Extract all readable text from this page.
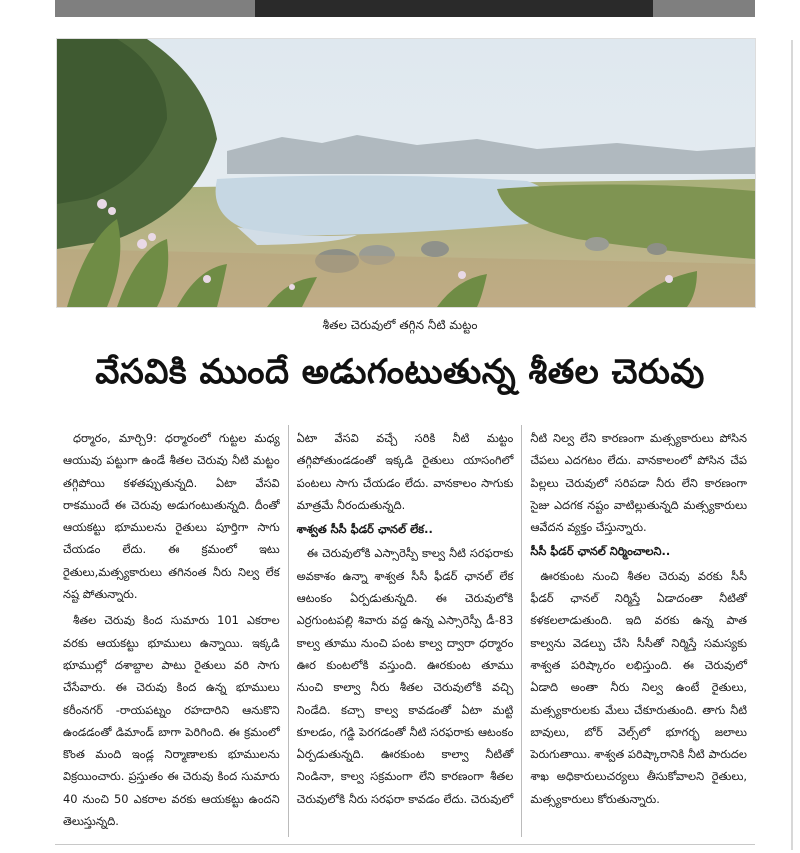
శీతల చెరువులో తగ్గిన నీటి మట్టం
వేసవికి ముందే అడుగంటుతున్న శీతల చెరువు

ధర్మారం, మార్చి9: ధర్మారంలో గుట్టల మధ్య ఆయువు పట్టుగా ఉండే శీతల చెరువు నీటి మట్టం తగ్గిపోయి కళతప్పుతున్నది. ఏటా వేసవి రాకముందే ఈ చెరువు అడుగంటుతున్నది. దీంతో ఆయకట్టు భూములను రైతులు పూర్తిగా సాగు చేయడం లేదు. ఈ క్రమంలో ఇటు రైతులు,మత్స్యకారులు తగినంత నీరు నిల్వ లేక నష్ట పోతున్నారు.

శీతల చెరువు కింద సుమారు 101 ఎకరాల వరకు ఆయకట్టు భూములు ఉన్నాయి. ఇక్కడి భూముల్లో దశాబ్దాల పాటు రైతులు వరి సాగు చేసేవారు. ఈ చెరువు కింద ఉన్న భూములు కరీంనగర్ -రాయపట్నం రహదారిని ఆనుకొని ఉండడంతో డిమాండ్ బాగా పెరిగింది. ఈ క్రమంలో కొంత మంది ఇండ్ల నిర్మాణాలకు భూములను విక్రయించారు. ప్రస్తుతం ఈ చెరువు కింద సుమారు 40 నుంచి 50 ఎకరాల వరకు ఆయకట్టు ఉందని తెలుస్తున్నది.

ఏటా వేసవి వచ్చే సరికి నీటి మట్టం తగ్గిపోతుండడంతో ఇక్కడి రైతులు యాసంగిలో పంటలు సాగు చేయడం లేదు. వానకాలం సాగుకు మాత్రమే నీరందుతున్నది.

శాశ్వత సీసీ ఫీడర్ ఛానల్ లేక..

ఈ చెరువులోకి ఎస్సారెస్పీ కాల్వ నీటి సరఫరాకు అవకాశం ఉన్నా శాశ్వత సీసీ ఫీడర్ ఛానల్ లేక ఆటంకం ఏర్పడుతున్నది. ఈ చెరువులోకి ఎర్రగుంటపల్లి శివారు వద్ద ఉన్న ఎస్సారెస్పీ డీ-83 కాల్వ తూము నుంచి పంట కాల్వ ద్వారా ధర్మారం ఊర కుంటలోకి వస్తుంది. ఊరకుంట తూము నుంచి కాల్వా నీరు శీతల చెరువులోకి వచ్చి నిండేది. కచ్చా కాల్వ కావడంతో ఏటా మట్టి కూలడం, గడ్డి పెరగడంతో నీటి సరఫరాకు ఆటంకం ఏర్పడుతున్నది. ఊరకుంట కాల్వా నీటితో నిండినా, కాల్వ సక్రమంగా లేని కారణంగా శీతల చెరువులోకి నీరు సరఫరా కావడం లేదు. చెరువులో

నీటి నిల్వ లేని కారణంగా మత్స్యకారులు పోసిన చేపలు ఎదగటం లేదు. వానకాలంలో పోసిన చేప పిల్లలు చెరువులో సరిపడా నీరు లేని కారణంగా సైజు ఎదగక నష్టం వాటిల్లుతున్నది మత్స్యకారులు ఆవేదన వ్యక్తం చేస్తున్నారు.

సీసీ ఫీడర్ ఛానల్ నిర్మించాలని..

ఊరకుంట నుంచి శీతల చెరువు వరకు సీసీ ఫీడర్ ఛానల్ నిర్మిస్తే ఏడాదంతా నీటితో కళకలలాడుతుంది. ఇది వరకు ఉన్న పాత కాల్వను వెడల్పు చేసి సీసీతో నిర్మిస్తే సమస్యకు శాశ్వత పరిష్కారం లభిస్తుంది. ఈ చెరువులో ఏడాది అంతా నీరు నిల్వ ఉంటే రైతులు, మత్స్యకారులకు మేలు చేకూరుతుంది. తాగు నీటి బావులు, బోర్ వెల్స్‌లో భూగర్భ జలాలు పెరుగుతాయి. శాశ్వత పరిష్కారానికి నీటి పారుదల శాఖ అధికారులుచర్యలు తీసుకోవాలని రైతులు, మత్స్యకారులు కోరుతున్నారు.
